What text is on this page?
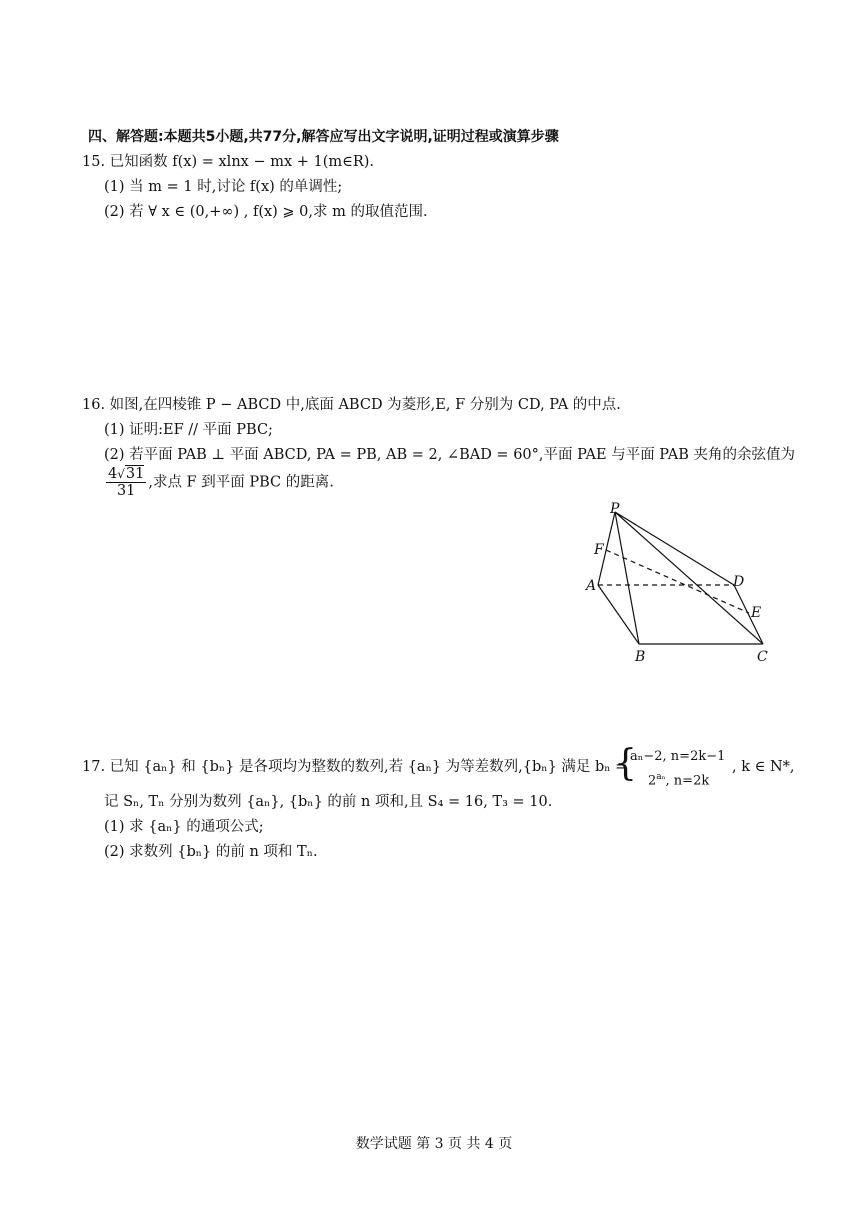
四、解答题:本题共5小题,共77分,解答应写出文字说明,证明过程或演算步骤
15. 已知函数 f(x) = xlnx − mx + 1(m∈R).
(1) 当 m = 1 时,讨论 f(x) 的单调性;
(2) 若 ∀ x ∈ (0,+∞) , f(x) ⩾ 0,求 m 的取值范围.
16. 如图,在四棱锥 P − ABCD 中,底面 ABCD 为菱形,E, F 分别为 CD, PA 的中点.
(1) 证明:EF // 平面 PBC;
(2) 若平面 PAB ⊥ 平面 ABCD, PA = PB, AB = 2, ∠BAD = 60°,平面 PAE 与平面 PAB 夹角的余弦值为
$\frac{4√31}{31}$ ,求点 F 到平面 PBC 的距离.
P
F
A	D
E
B	C
17. 已知 {aₙ} 和 {bₙ} 是各项均为整数的数列,若 {aₙ} 为等差数列,{bₙ} 满足 bₙ =
{
aₙ−2, n=2k−1
$2^{a_n}$, n=2k
, k ∈ N*,
记 Sₙ, Tₙ 分别为数列 {aₙ}, {bₙ} 的前 n 项和,且 S₄ = 16, T₃ = 10.
(1) 求 {aₙ} 的通项公式;
(2) 求数列 {bₙ} 的前 n 项和 Tₙ.
数学试题 第 3 页 共 4 页
